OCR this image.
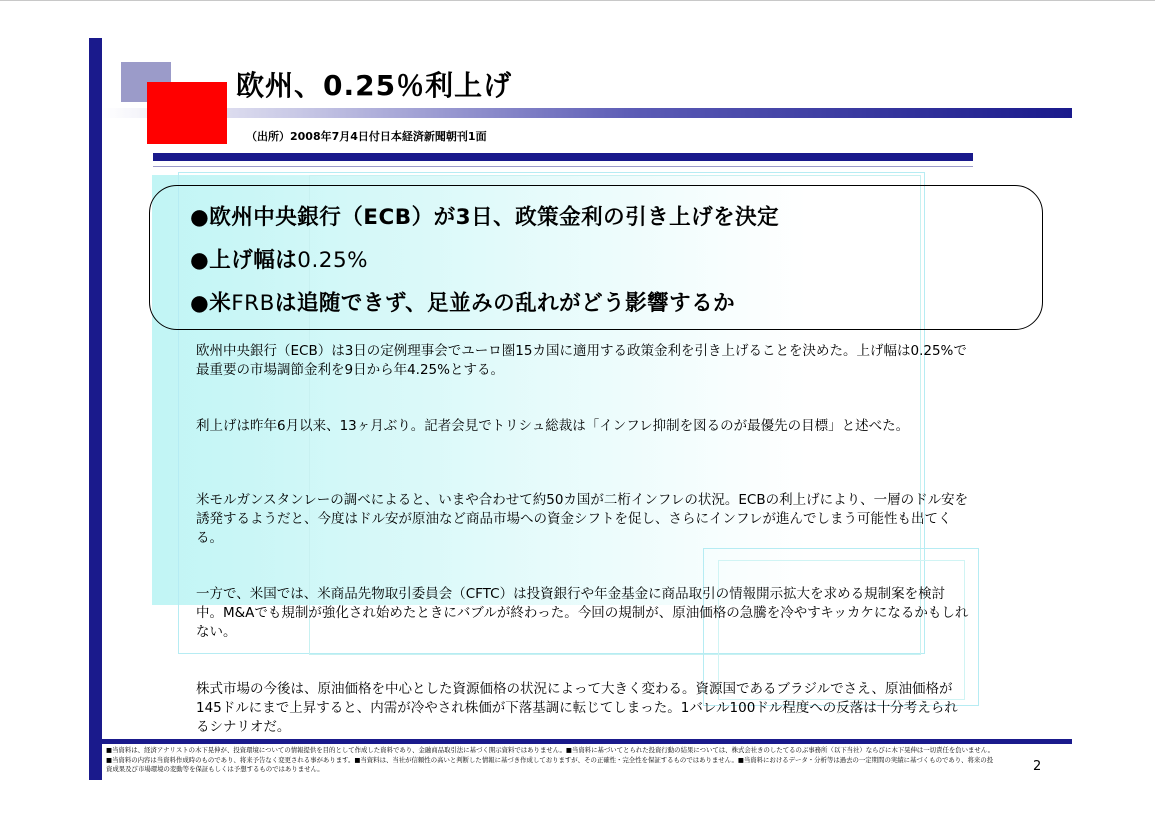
欧州、0.25％利上げ
（出所）2008年7月4日付日本経済新聞朝刊1面
●欧州中央銀行（ECB）が3日、政策金利の引き上げを決定
●上げ幅は0.25%
●米FRBは追随できず、足並みの乱れがどう影響するか
欧州中央銀行（ECB）は3日の定例理事会でユーロ圏15カ国に適用する政策金利を引き上げることを決めた。上げ幅は0.25%で最重要の市場調節金利を9日から年4.25%とする。
利上げは昨年6月以来、13ヶ月ぶり。記者会見でトリシュ総裁は「インフレ抑制を図るのが最優先の目標」と述べた。
米モルガンスタンレーの調べによると、いまや合わせて約50カ国が二桁インフレの状況。ECBの利上げにより、一層のドル安を誘発するようだと、今度はドル安が原油など商品市場への資金シフトを促し、さらにインフレが進んでしまう可能性も出てくる。
一方で、米国では、米商品先物取引委員会（CFTC）は投資銀行や年金基金に商品取引の情報開示拡大を求める規制案を検討中。M&Aでも規制が強化され始めたときにバブルが終わった。今回の規制が、原油価格の急騰を冷やすキッカケになるかもしれない。
株式市場の今後は、原油価格を中心とした資源価格の状況によって大きく変わる。資源国であるブラジルでさえ、原油価格が145ドルにまで上昇すると、内需が冷やされ株価が下落基調に転じてしまった。1バレル100ドル程度への反落は十分考えられるシナリオだ。
■当資料は、経済アナリストの木下晃伸が、投資環境についての情報提供を目的として作成した資料であり、金融商品取引法に基づく開示資料ではありません。■当資料に基づいてとられた投資行動の結果については、株式会社きのしたてるのぶ事務所（以下当社）ならびに木下晃伸は一切責任を負いません。■当資料の内容は当資料作成時のものであり、将来予告なく変更される事があります。■当資料は、当社が信頼性の高いと判断した情報に基づき作成しておりますが、その正確性・完全性を保証するものではありません。■当資料におけるデータ・分析等は過去の一定期間の実績に基づくものであり、将来の投資成果及び市場環境の変動等を保証もしくは予想するものではありません。	2
